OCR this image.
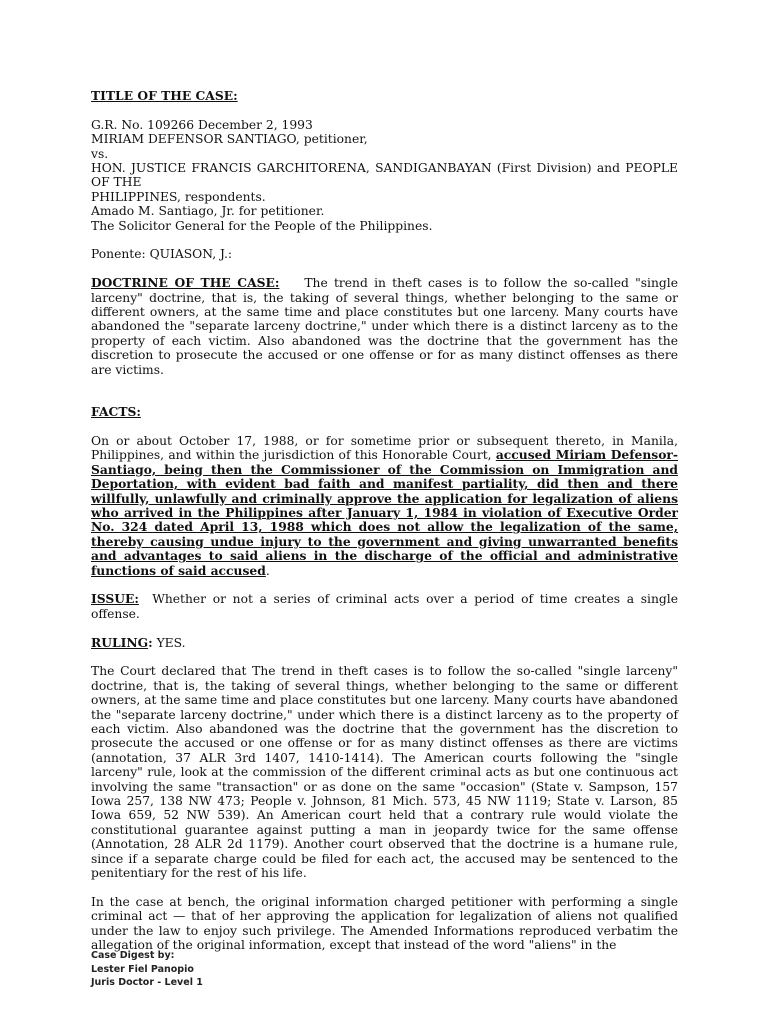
TITLE OF THE CASE:
G.R. No. 109266 December 2, 1993
MIRIAM DEFENSOR SANTIAGO, petitioner,
vs.
HON. JUSTICE FRANCIS GARCHITORENA, SANDIGANBAYAN (First Division) and PEOPLE OF THE
PHILIPPINES, respondents.
Amado M. Santiago, Jr. for petitioner.
The Solicitor General for the People of the Philippines.
Ponente: QUIASON, J.:

DOCTRINE OF THE CASE: The trend in theft cases is to follow the so-called "single larceny" doctrine, that is, the taking of several things, whether belonging to the same or different owners, at the same time and place constitutes but one larceny. Many courts have abandoned the "separate larceny doctrine," under which there is a distinct larceny as to the property of each victim. Also abandoned was the doctrine that the government has the discretion to prosecute the accused or one offense or for as many distinct offenses as there are victims.

FACTS:

On or about October 17, 1988, or for sometime prior or subsequent thereto, in Manila, Philippines, and within the jurisdiction of this Honorable Court, accused Miriam Defensor-Santiago, being then the Commissioner of the Commission on Immigration and Deportation, with evident bad faith and manifest partiality, did then and there willfully, unlawfully and criminally approve the application for legalization of aliens who arrived in the Philippines after January 1, 1984 in violation of Executive Order No. 324 dated April 13, 1988 which does not allow the legalization of the same, thereby causing undue injury to the government and giving unwarranted benefits and advantages to said aliens in the discharge of the official and administrative functions of said accused.

ISSUE: Whether or not a series of criminal acts over a period of time creates a single offense.

RULING: YES.

The Court declared that The trend in theft cases is to follow the so-called "single larceny" doctrine, that is, the taking of several things, whether belonging to the same or different owners, at the same time and place constitutes but one larceny. Many courts have abandoned the "separate larceny doctrine," under which there is a distinct larceny as to the property of each victim. Also abandoned was the doctrine that the government has the discretion to prosecute the accused or one offense or for as many distinct offenses as there are victims (annotation, 37 ALR 3rd 1407, 1410-1414). The American courts following the "single larceny" rule, look at the commission of the different criminal acts as but one continuous act involving the same "transaction" or as done on the same "occasion" (State v. Sampson, 157 Iowa 257, 138 NW 473; People v. Johnson, 81 Mich. 573, 45 NW 1119; State v. Larson, 85 Iowa 659, 52 NW 539). An American court held that a contrary rule would violate the constitutional guarantee against putting a man in jeopardy twice for the same offense (Annotation, 28 ALR 2d 1179). Another court observed that the doctrine is a humane rule, since if a separate charge could be filed for each act, the accused may be sentenced to the penitentiary for the rest of his life.

In the case at bench, the original information charged petitioner with performing a single criminal act — that of her approving the application for legalization of aliens not qualified under the law to enjoy such privilege. The Amended Informations reproduced verbatim the allegation of the original information, except that instead of the word "aliens" in the

Case Digest by:
Lester Fiel Panopio
Juris Doctor - Level 1
